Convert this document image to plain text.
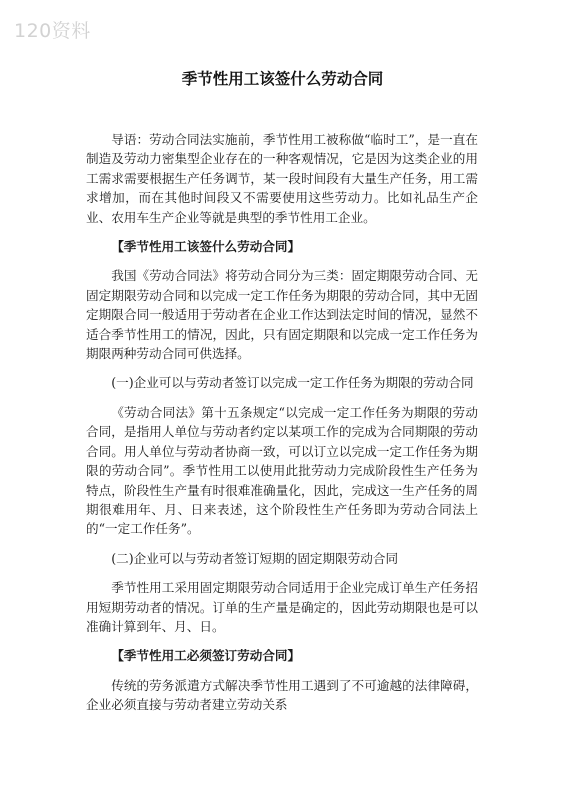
120资料
季节性用工该签什么劳动合同

导语：劳动合同法实施前，季节性用工被称做“临时工”，是一直在制造及劳动力密集型企业存在的一种客观情况，它是因为这类企业的用工需求需要根据生产任务调节，某一段时间段有大量生产任务，用工需求增加，而在其他时间段又不需要使用这些劳动力。比如礼品生产企业、农用车生产企业等就是典型的季节性用工企业。

【季节性用工该签什么劳动合同】

我国《劳动合同法》将劳动合同分为三类：固定期限劳动合同、无固定期限劳动合同和以完成一定工作任务为期限的劳动合同，其中无固定期限合同一般适用于劳动者在企业工作达到法定时间的情况，显然不适合季节性用工的情况，因此，只有固定期限和以完成一定工作任务为期限两种劳动合同可供选择。

(一)企业可以与劳动者签订以完成一定工作任务为期限的劳动合同

《劳动合同法》第十五条规定“以完成一定工作任务为期限的劳动合同，是指用人单位与劳动者约定以某项工作的完成为合同期限的劳动合同。用人单位与劳动者协商一致，可以订立以完成一定工作任务为期限的劳动合同”。季节性用工以使用此批劳动力完成阶段性生产任务为特点，阶段性生产量有时很难准确量化，因此，完成这一生产任务的周期很难用年、月、日来表述，这个阶段性生产任务即为劳动合同法上的“一定工作任务”。

(二)企业可以与劳动者签订短期的固定期限劳动合同

季节性用工采用固定期限劳动合同适用于企业完成订单生产任务招用短期劳动者的情况。订单的生产量是确定的，因此劳动期限也是可以准确计算到年、月、日。

【季节性用工必须签订劳动合同】

传统的劳务派遣方式解决季节性用工遇到了不可逾越的法律障碍，企业必须直接与劳动者建立劳动关系
